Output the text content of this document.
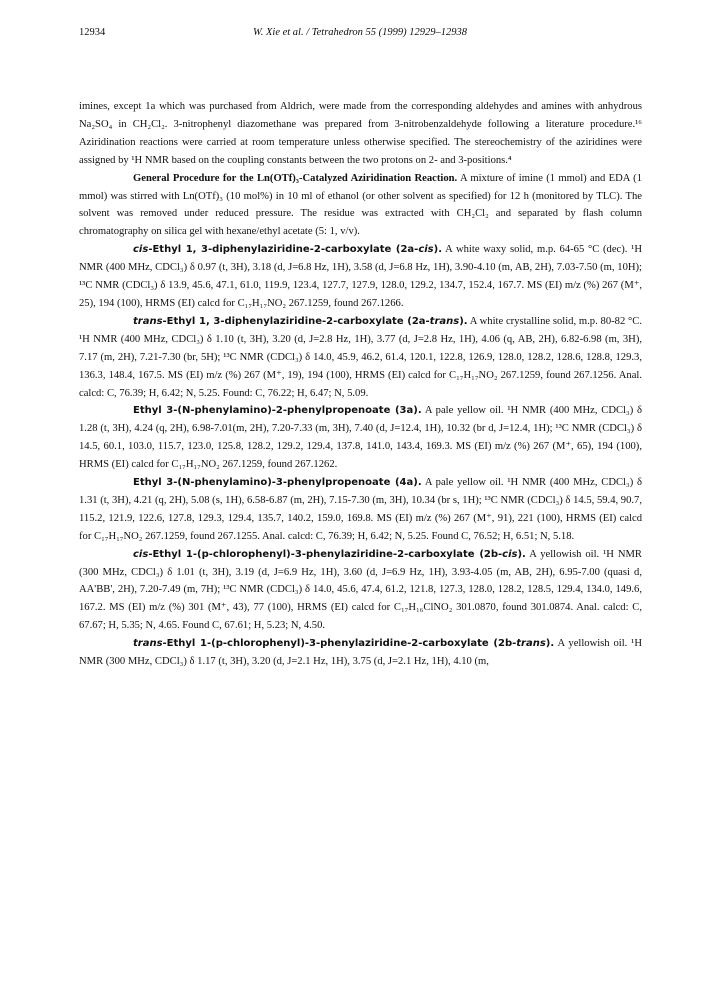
12934	W. Xie et al. / Tetrahedron 55 (1999) 12929–12938

imines, except 1a which was purchased from Aldrich, were made from the corresponding aldehydes and amines with anhydrous Na₂SO₄ in CH₂Cl₂. 3-nitrophenyl diazomethane was prepared from 3-nitrobenzaldehyde following a literature procedure.¹⁶ Aziridination reactions were carried at room temperature unless otherwise specified. The stereochemistry of the aziridines were assigned by ¹H NMR based on the coupling constants between the two protons on 2- and 3-positions.⁴

General Procedure for the Ln(OTf)₃-Catalyzed Aziridination Reaction. A mixture of imine (1 mmol) and EDA (1 mmol) was stirred with Ln(OTf)₃ (10 mol%) in 10 ml of ethanol (or other solvent as specified) for 12 h (monitored by TLC). The solvent was removed under reduced pressure. The residue was extracted with CH₂Cl₂ and separated by flash column chromatography on silica gel with hexane/ethyl acetate (5: 1, v/v).

cis-Ethyl 1, 3-diphenylaziridine-2-carboxylate (2a-cis). A white waxy solid, m.p. 64-65 °C (dec). ¹H NMR (400 MHz, CDCl₃) δ 0.97 (t, 3H), 3.18 (d, J=6.8 Hz, 1H), 3.58 (d, J=6.8 Hz, 1H), 3.90-4.10 (m, AB, 2H), 7.03-7.50 (m, 10H); ¹³C NMR (CDCl₃) δ 13.9, 45.6, 47.1, 61.0, 119.9, 123.4, 127.7, 127.9, 128.0, 129.2, 134.7, 152.4, 167.7. MS (EI) m/z (%) 267 (M⁺, 25), 194 (100), HRMS (EI) calcd for C₁₇H₁₇NO₂ 267.1259, found 267.1266.

trans-Ethyl 1, 3-diphenylaziridine-2-carboxylate (2a-trans). A white crystalline solid, m.p. 80-82 °C. ¹H NMR (400 MHz, CDCl₃) δ 1.10 (t, 3H), 3.20 (d, J=2.8 Hz, 1H), 3.77 (d, J=2.8 Hz, 1H), 4.06 (q, AB, 2H), 6.82-6.98 (m, 3H), 7.17 (m, 2H), 7.21-7.30 (br, 5H); ¹³C NMR (CDCl₃) δ 14.0, 45.9, 46.2, 61.4, 120.1, 122.8, 126.9, 128.0, 128.2, 128.6, 128.8, 129.3, 136.3, 148.4, 167.5. MS (EI) m/z (%) 267 (M⁺, 19), 194 (100), HRMS (EI) calcd for C₁₇H₁₇NO₂ 267.1259, found 267.1256. Anal. calcd: C, 76.39; H, 6.42; N, 5.25. Found: C, 76.22; H, 6.47; N, 5.09.

Ethyl 3-(N-phenylamino)-2-phenylpropenoate (3a). A pale yellow oil. ¹H NMR (400 MHz, CDCl₃) δ 1.28 (t, 3H), 4.24 (q, 2H), 6.98-7.01(m, 2H), 7.20-7.33 (m, 3H), 7.40 (d, J=12.4, 1H), 10.32 (br d, J=12.4, 1H); ¹³C NMR (CDCl₃) δ 14.5, 60.1, 103.0, 115.7, 123.0, 125.8, 128.2, 129.2, 129.4, 137.8, 141.0, 143.4, 169.3. MS (EI) m/z (%) 267 (M⁺, 65), 194 (100), HRMS (EI) calcd for C₁₇H₁₇NO₂ 267.1259, found 267.1262.

Ethyl 3-(N-phenylamino)-3-phenylpropenoate (4a). A pale yellow oil. ¹H NMR (400 MHz, CDCl₃) δ 1.31 (t, 3H), 4.21 (q, 2H), 5.08 (s, 1H), 6.58-6.87 (m, 2H), 7.15-7.30 (m, 3H), 10.34 (br s, 1H); ¹³C NMR (CDCl₃) δ 14.5, 59.4, 90.7, 115.2, 121.9, 122.6, 127.8, 129.3, 129.4, 135.7, 140.2, 159.0, 169.8. MS (EI) m/z (%) 267 (M⁺, 91), 221 (100), HRMS (EI) calcd for C₁₇H₁₇NO₂ 267.1259, found 267.1255. Anal. calcd: C, 76.39; H, 6.42; N, 5.25. Found C, 76.52; H, 6.51; N, 5.18.

cis-Ethyl 1-(p-chlorophenyl)-3-phenylaziridine-2-carboxylate (2b-cis). A yellowish oil. ¹H NMR (300 MHz, CDCl₃) δ 1.01 (t, 3H), 3.19 (d, J=6.9 Hz, 1H), 3.60 (d, J=6.9 Hz, 1H), 3.93-4.05 (m, AB, 2H), 6.95-7.00 (quasi d, AA'BB', 2H), 7.20-7.49 (m, 7H); ¹³C NMR (CDCl₃) δ 14.0, 45.6, 47.4, 61.2, 121.8, 127.3, 128.0, 128.2, 128.5, 129.4, 134.0, 149.6, 167.2. MS (EI) m/z (%) 301 (M⁺, 43), 77 (100), HRMS (EI) calcd for C₁₇H₁₆ClNO₂ 301.0870, found 301.0874. Anal. calcd: C, 67.67; H, 5.35; N, 4.65. Found C, 67.61; H, 5.23; N, 4.50.

trans-Ethyl 1-(p-chlorophenyl)-3-phenylaziridine-2-carboxylate (2b-trans). A yellowish oil. ¹H NMR (300 MHz, CDCl₃) δ 1.17 (t, 3H), 3.20 (d, J=2.1 Hz, 1H), 3.75 (d, J=2.1 Hz, 1H), 4.10 (m,
